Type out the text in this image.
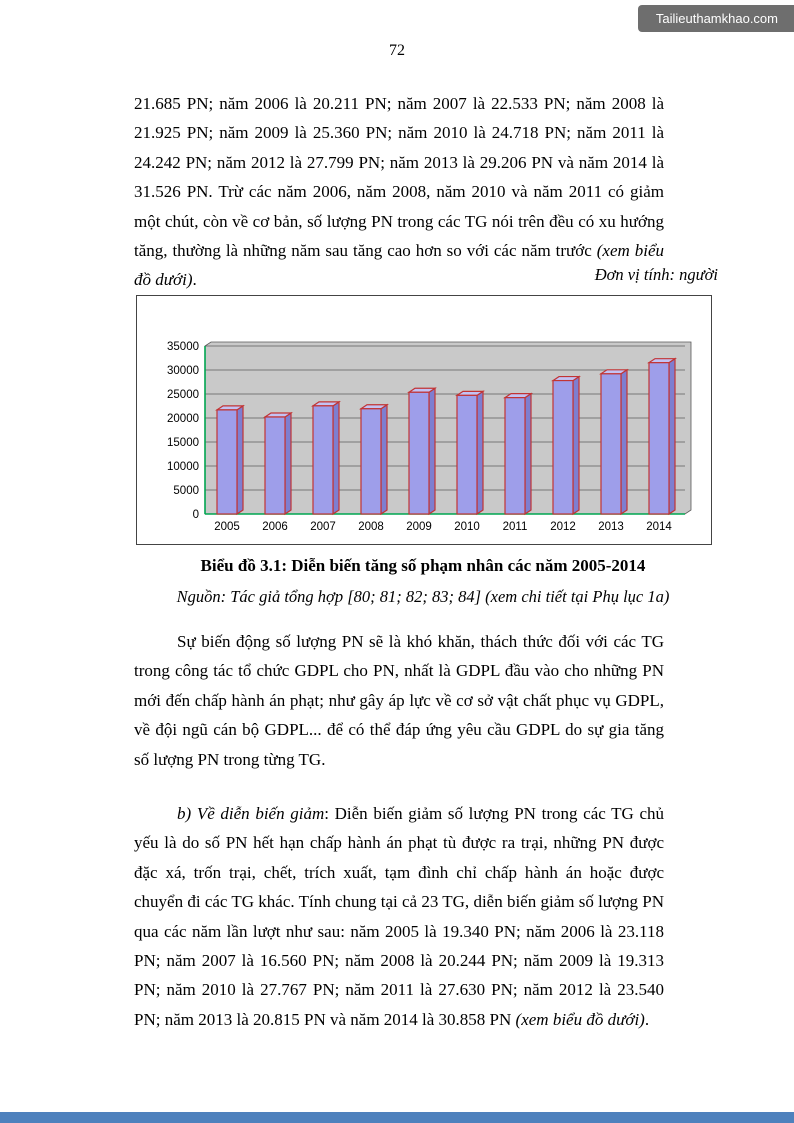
Tailieuthamkhao.com
72

21.685 PN; năm 2006 là 20.211 PN; năm 2007 là 22.533 PN; năm 2008 là 21.925 PN; năm 2009 là 25.360 PN; năm 2010 là 24.718 PN; năm 2011 là 24.242 PN; năm 2012 là 27.799 PN; năm 2013 là 29.206 PN và năm 2014 là 31.526 PN. Trừ các năm 2006, năm 2008, năm 2010 và năm 2011 có giảm một chút, còn về cơ bản, số lượng PN trong các TG nói trên đều có xu hướng tăng, thường là những năm sau tăng cao hơn so với các năm trước (xem biểu đồ dưới).	Đơn vị tính: người
0
5000
10000
15000
20000
25000
30000
35000
2005 2006 2007 2008 2009 2010 2011 2012 2013 2014
Biểu đồ 3.1: Diễn biến tăng số phạm nhân các năm 2005-2014
Nguồn: Tác giả tổng hợp [80; 81; 82; 83; 84] (xem chi tiết tại Phụ lục 1a)

Sự biến động số lượng PN sẽ là khó khăn, thách thức đối với các TG trong công tác tổ chức GDPL cho PN, nhất là GDPL đầu vào cho những PN mới đến chấp hành án phạt; như gây áp lực về cơ sở vật chất phục vụ GDPL, về đội ngũ cán bộ GDPL... để có thể đáp ứng yêu cầu GDPL do sự gia tăng số lượng PN trong từng TG.

b) Về diễn biến giảm: Diễn biến giảm số lượng PN trong các TG chủ yếu là do số PN hết hạn chấp hành án phạt tù được ra trại, những PN được đặc xá, trốn trại, chết, trích xuất, tạm đình chỉ chấp hành án hoặc được chuyển đi các TG khác. Tính chung tại cả 23 TG, diễn biến giảm số lượng PN qua các năm lần lượt như sau: năm 2005 là 19.340 PN; năm 2006 là 23.118 PN; năm 2007 là 16.560 PN; năm 2008 là 20.244 PN; năm 2009 là 19.313 PN; năm 2010 là 27.767 PN; năm 2011 là 27.630 PN; năm 2012 là 23.540 PN; năm 2013 là 20.815 PN và năm 2014 là 30.858 PN (xem biểu đồ dưới).
